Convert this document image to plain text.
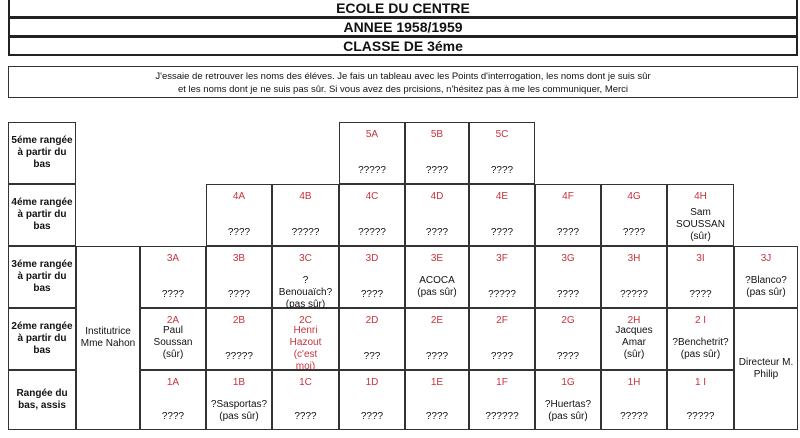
ECOLE DU CENTRE
ANNEE 1958/1959
CLASSE DE 3éme
J'essaie de retrouver les noms des éléves. Je fais un tableau avec les Points d'interrogation, les noms dont je suis sûr
et les noms dont je ne suis pas sûr. Si vous avez des prcisions, n'hésitez pas à me les communiquer, Merci
5éme rangée à partir du bas
4éme rangée à partir du bas
3éme rangée à partir du bas
2éme rangée à partir du bas
Rangée du bas, assis
Institutrice Mme Nahon
Directeur M. Philip
5A
?????
5B
????
5C
????
4A
????
4B
?????
4C
?????
4D
????
4E
????
4F
????
4G
????
4H
Sam SOUSSAN (sûr)
3A
????
3B
????
3C
?Benouaïch? (pas sûr)
3D
????
3E
ACOCA (pas sûr)
3F
?????
3G
????
3H
?????
3I
????
3J
?Blanco? (pas sûr)
2A
Paul Soussan (sûr)
2B
?????
2C
Henri Hazout (c'est moi)
2D
???
2E
????
2F
????
2G
????
2H
Jacques Amar (sûr)
2 I
?Benchetrit? (pas sûr)
1A
????
1B
?Sasportas? (pas sûr)
1C
????
1D
????
1E
????
1F
??????
1G
?Huertas? (pas sûr)
1H
?????
1 I
?????
